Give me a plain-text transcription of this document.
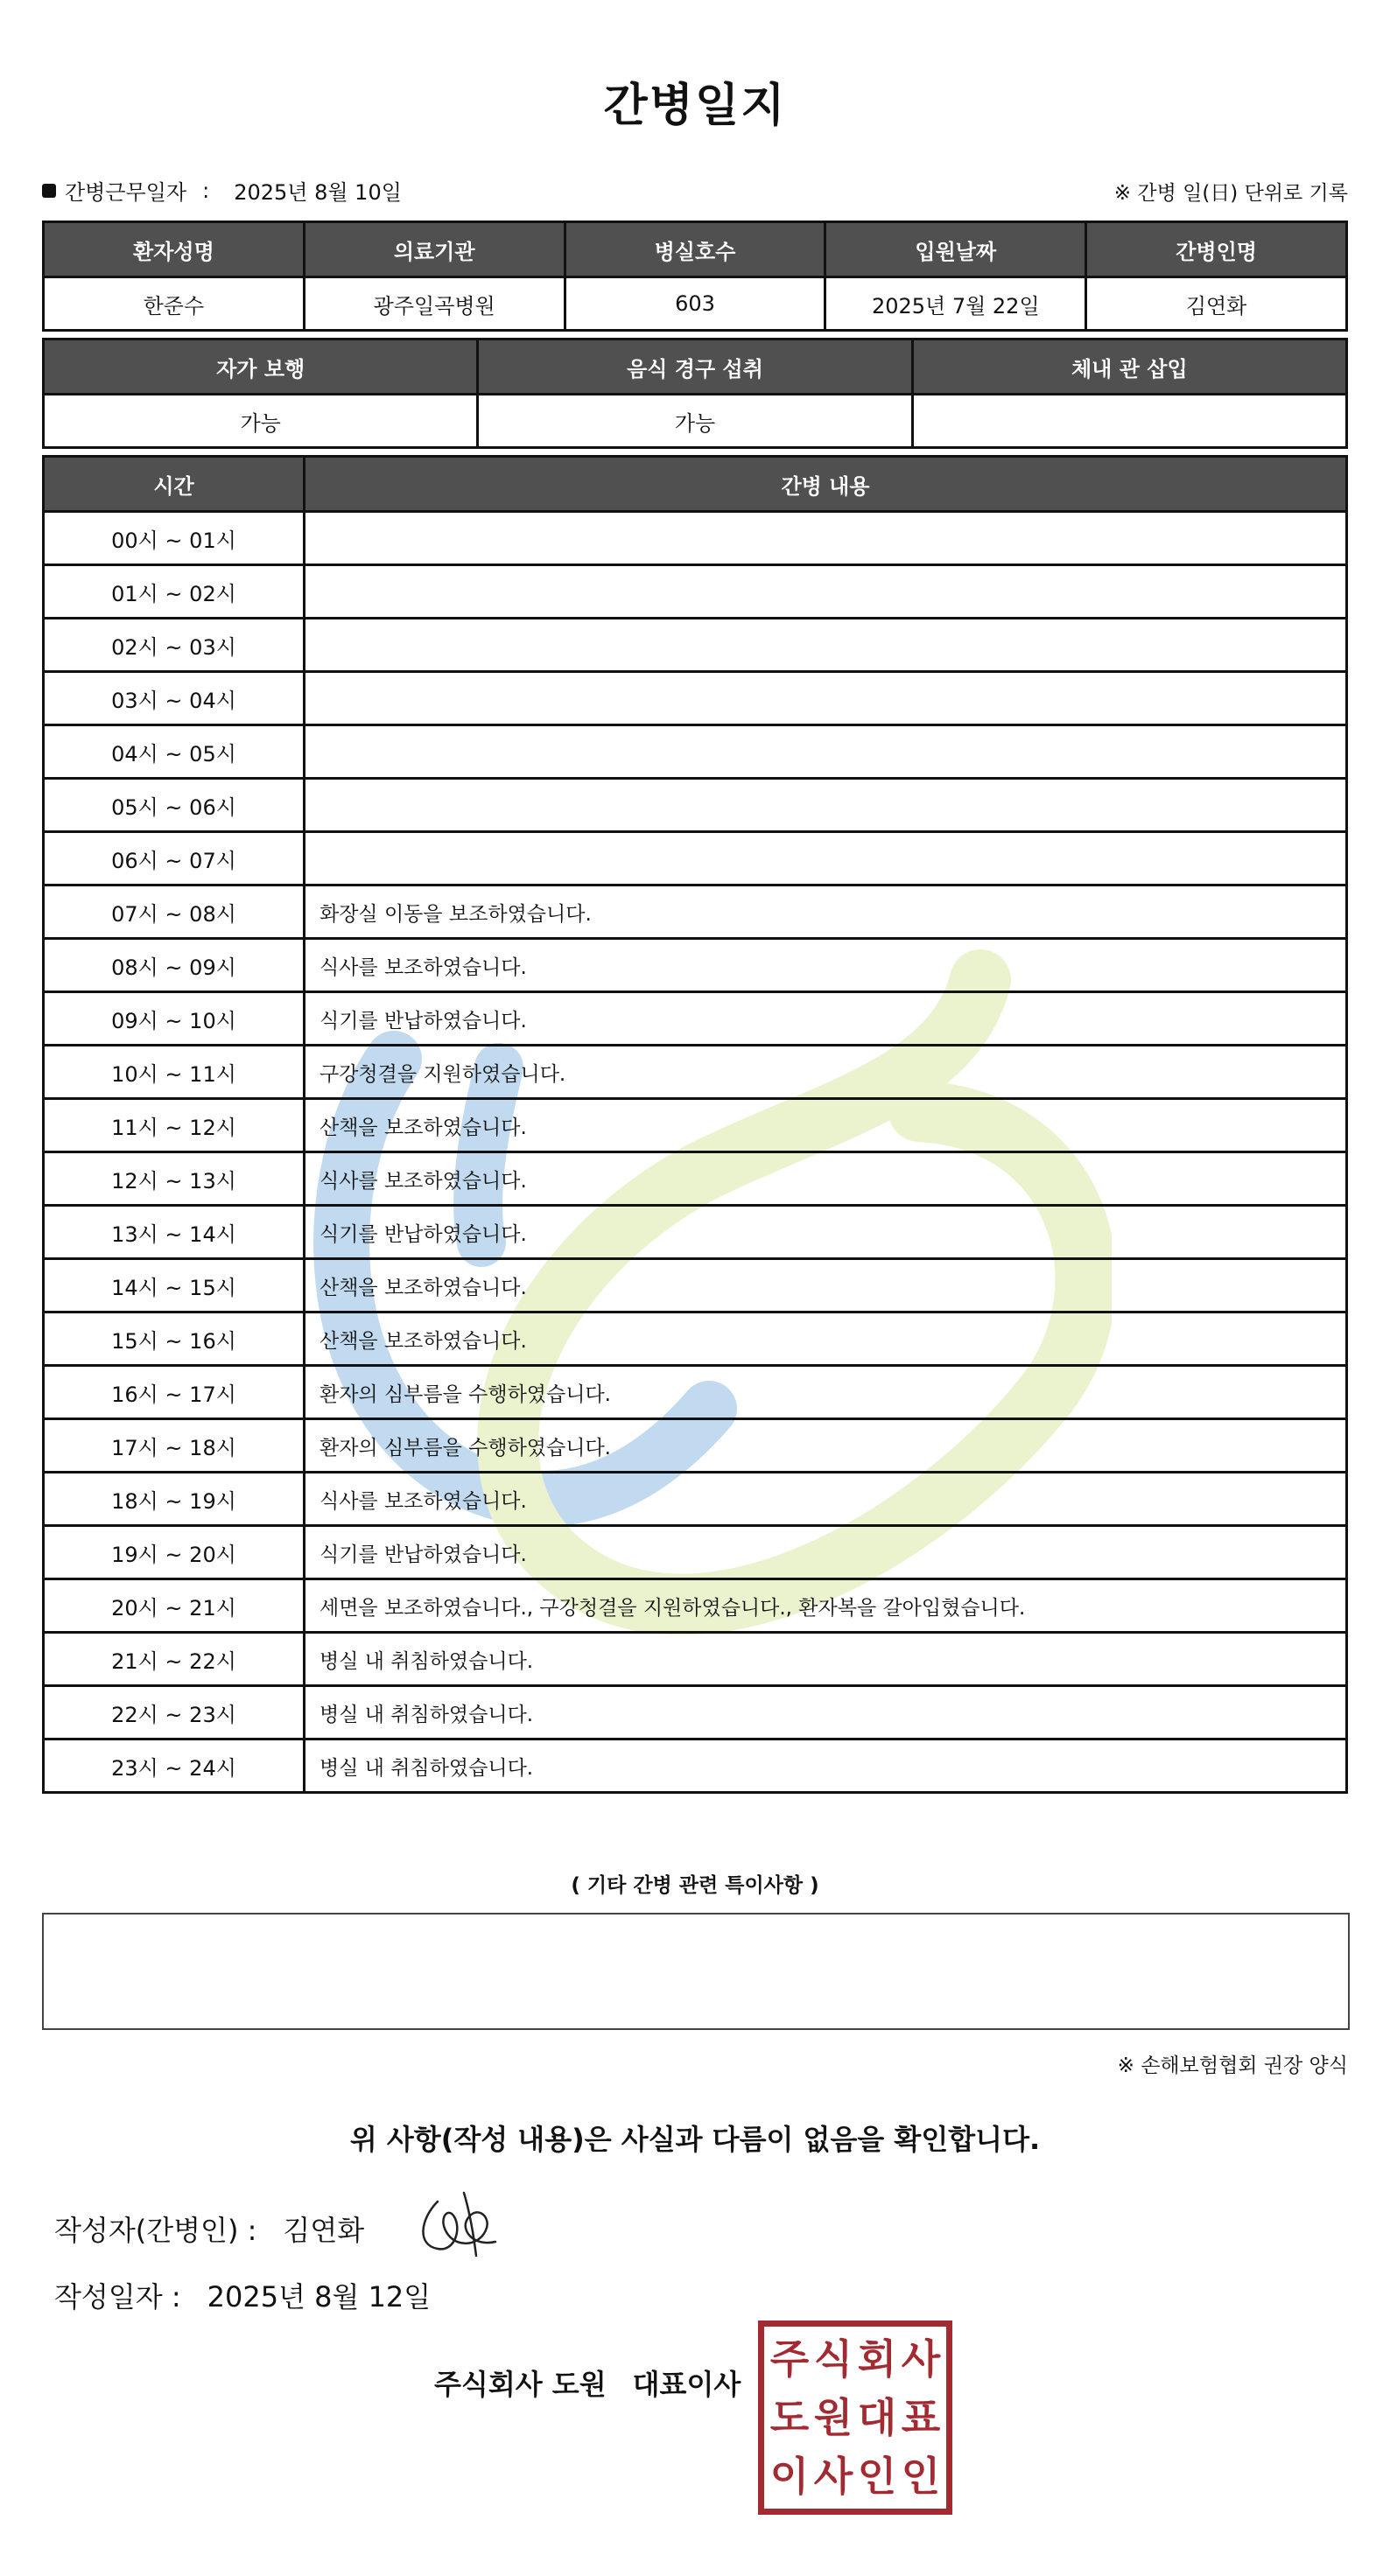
간병일지
간병근무일자 : 2025년 8월 10일	※ 간병 일(日) 단위로 기록
환자성명	의료기관	병실호수	입원날짜	간병인명
한준수	광주일곡병원	603	2025년 7월 22일	김연화
자가 보행	음식 경구 섭취	체내 관 삽입
가능	가능	
시간	간병 내용
00시 ~ 01시	
01시 ~ 02시	
02시 ~ 03시	
03시 ~ 04시	
04시 ~ 05시	
05시 ~ 06시	
06시 ~ 07시	
07시 ~ 08시	화장실 이동을 보조하였습니다.
08시 ~ 09시	식사를 보조하였습니다.
09시 ~ 10시	식기를 반납하였습니다.
10시 ~ 11시	구강청결을 지원하였습니다.
11시 ~ 12시	산책을 보조하였습니다.
12시 ~ 13시	식사를 보조하였습니다.
13시 ~ 14시	식기를 반납하였습니다.
14시 ~ 15시	산책을 보조하였습니다.
15시 ~ 16시	산책을 보조하였습니다.
16시 ~ 17시	환자의 심부름을 수행하였습니다.
17시 ~ 18시	환자의 심부름을 수행하였습니다.
18시 ~ 19시	식사를 보조하였습니다.
19시 ~ 20시	식기를 반납하였습니다.
20시 ~ 21시	세면을 보조하였습니다., 구강청결을 지원하였습니다., 환자복을 갈아입혔습니다.
21시 ~ 22시	병실 내 취침하였습니다.
22시 ~ 23시	병실 내 취침하였습니다.
23시 ~ 24시	병실 내 취침하였습니다.
( 기타 간병 관련 특이사항 )
※ 손해보험협회 권장 양식
위 사항(작성 내용)은 사실과 다름이 없음을 확인합니다.
작성자(간병인) : 김연화
작성일자 : 2025년 8월 12일
주식회사 도원 대표이사
주 식 회 사
도 원 대 표
이 사 인 인
